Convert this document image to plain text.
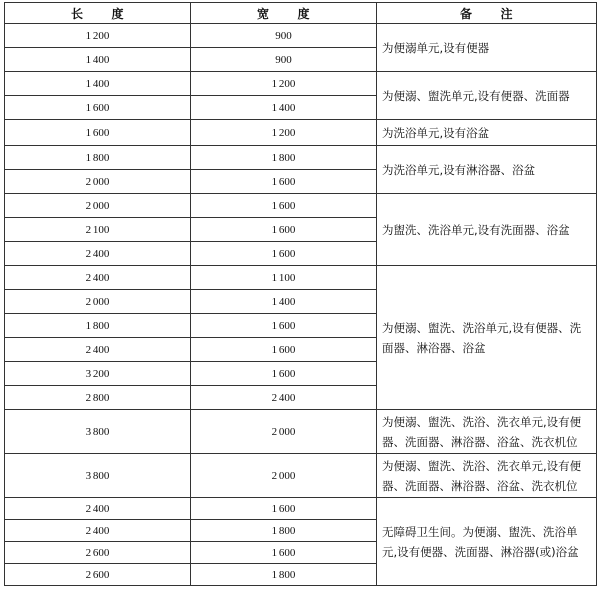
长 度	宽 度	备 注
1 200	900	为便溺单元,设有便器
1 400	900	
1 400	1 200	为便溺、盥洗单元,设有便器、洗面器
1 600	1 400	
1 600	1 200	为洗浴单元,设有浴盆
1 800	1 800	为洗浴单元,设有淋浴器、浴盆
2 000	1 600	
2 000	1 600	为盥洗、洗浴单元,设有洗面器、浴盆
2 100	1 600	
2 400	1 600	
2 400	1 100	为便溺、盥洗、洗浴单元,设有便器、洗面器、淋浴器、浴盆
2 000	1 400	
1 800	1 600	
2 400	1 600	
3 200	1 600	
2 800	2 400	
3 800	2 000	为便溺、盥洗、洗浴、洗衣单元,设有便器、洗面器、淋浴器、浴盆、洗衣机位
3 800	2 000	为便溺、盥洗、洗浴、洗衣单元,设有便器、洗面器、淋浴器、浴盆、洗衣机位
2 400	1 600	无障碍卫生间。为便溺、盥洗、洗浴单元,设有便器、洗面器、淋浴器(或)浴盆
2 400	1 800	
2 600	1 600	
2 600	1 800	
